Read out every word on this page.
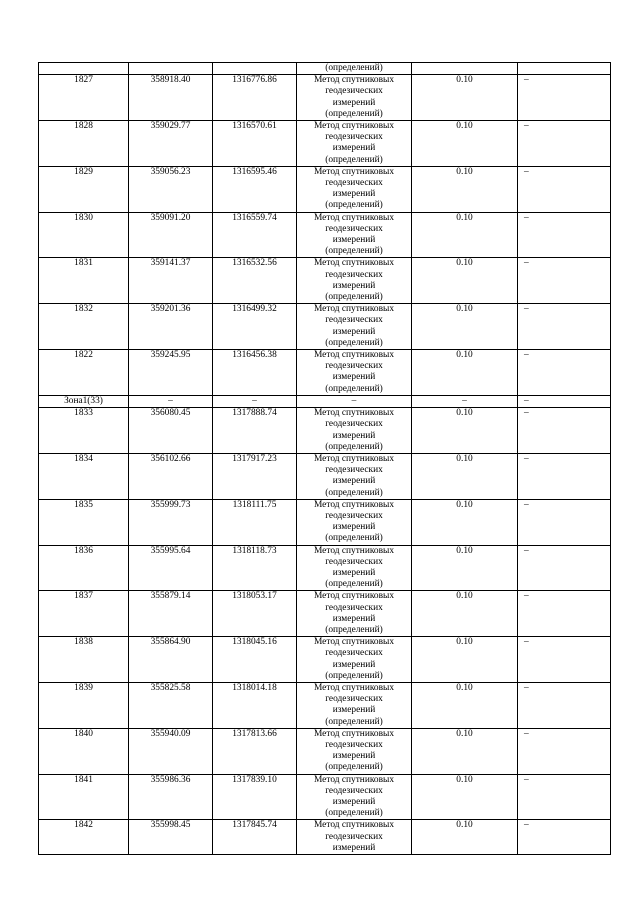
			(определений)		
1827	358918.40	1316776.86	Метод спутниковых
геодезических
измерений
(определений)	0.10	–
1828	359029.77	1316570.61	Метод спутниковых
геодезических
измерений
(определений)	0.10	–
1829	359056.23	1316595.46	Метод спутниковых
геодезических
измерений
(определений)	0.10	–
1830	359091.20	1316559.74	Метод спутниковых
геодезических
измерений
(определений)	0.10	–
1831	359141.37	1316532.56	Метод спутниковых
геодезических
измерений
(определений)	0.10	–
1832	359201.36	1316499.32	Метод спутниковых
геодезических
измерений
(определений)	0.10	–
1822	359245.95	1316456.38	Метод спутниковых
геодезических
измерений
(определений)	0.10	–
Зона1(33)	–	–	–	–	–
1833	356080.45	1317888.74	Метод спутниковых
геодезических
измерений
(определений)	0.10	–
1834	356102.66	1317917.23	Метод спутниковых
геодезических
измерений
(определений)	0.10	–
1835	355999.73	1318111.75	Метод спутниковых
геодезических
измерений
(определений)	0.10	–
1836	355995.64	1318118.73	Метод спутниковых
геодезических
измерений
(определений)	0.10	–
1837	355879.14	1318053.17	Метод спутниковых
геодезических
измерений
(определений)	0.10	–
1838	355864.90	1318045.16	Метод спутниковых
геодезических
измерений
(определений)	0.10	–
1839	355825.58	1318014.18	Метод спутниковых
геодезических
измерений
(определений)	0.10	–
1840	355940.09	1317813.66	Метод спутниковых
геодезических
измерений
(определений)	0.10	–
1841	355986.36	1317839.10	Метод спутниковых
геодезических
измерений
(определений)	0.10	–
1842	355998.45	1317845.74	Метод спутниковых
геодезических
измерений	0.10	–
